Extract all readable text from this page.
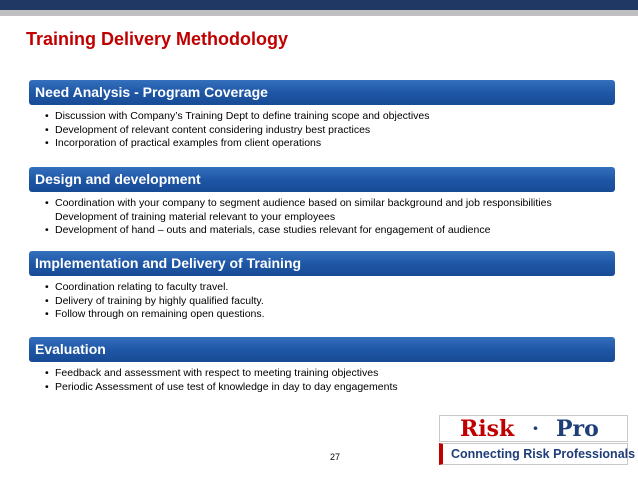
Training Delivery Methodology
Need Analysis - Program Coverage
• Discussion with Company’s Training Dept to define training scope and objectives
• Development of relevant content considering industry best practices
• Incorporation of practical examples from client operations
Design and development
• Coordination with your company to segment audience based on similar background and job responsibilities
Development of training material relevant to your employees
• Development of hand – outs and materials, case studies relevant for engagement of audience
Implementation and Delivery of Training
• Coordination relating to faculty travel.
• Delivery of training by highly qualified faculty.
• Follow through on remaining open questions.
Evaluation
• Feedback and assessment with respect to meeting training objectives
• Periodic Assessment of use test of knowledge in day to day engagements
27
Risk · Pro
Connecting Risk Professionals
